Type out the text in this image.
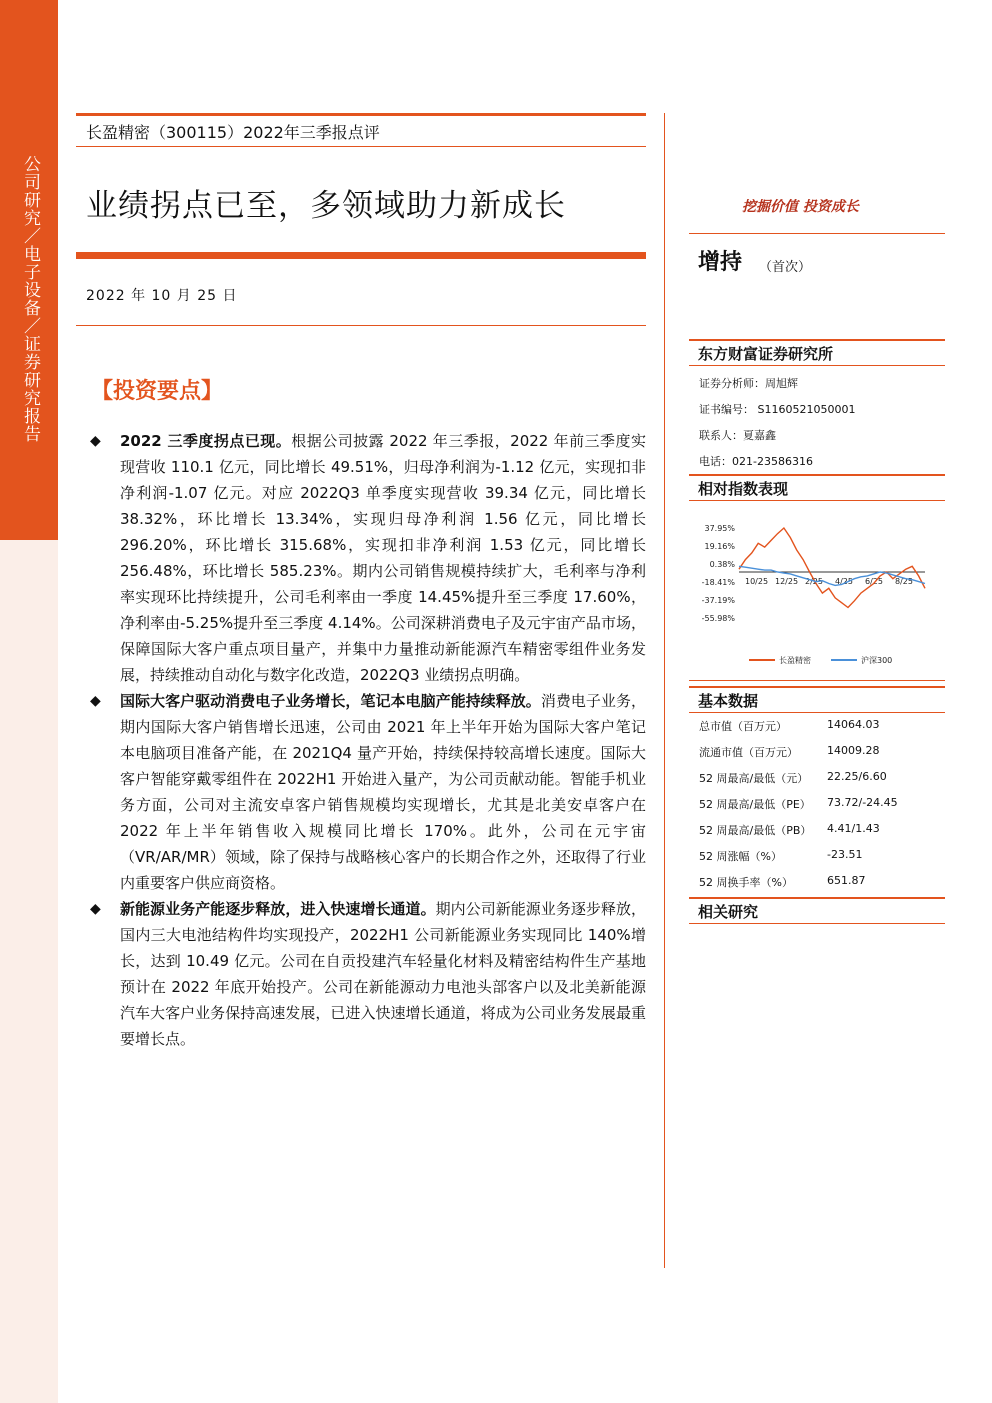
公司研究／电子设备／证券研究报告
长盈精密（300115）2022年三季报点评
业绩拐点已至，多领域助力新成长	挖掘价值 投资成长
2022 年 10 月 25 日
【投资要点】
◆ 2022 三季度拐点已现。根据公司披露 2022 年三季报，2022 年前三季度实现营收 110.1 亿元，同比增长 49.51%，归母净利润为-1.12 亿元，实现扣非净利润-1.07 亿元。对应 2022Q3 单季度实现营收 39.34 亿元，同比增长 38.32%，环比增长 13.34%，实现归母净利润 1.56 亿元，同比增长 296.20%，环比增长 315.68%，实现扣非净利润 1.53 亿元，同比增长 256.48%，环比增长 585.23%。期内公司销售规模持续扩大，毛利率与净利率实现环比持续提升，公司毛利率由一季度 14.45%提升至三季度 17.60%，净利率由-5.25%提升至三季度 4.14%。公司深耕消费电子及元宇宙产品市场，保障国际大客户重点项目量产，并集中力量推动新能源汽车精密零组件业务发展，持续推动自动化与数字化改造，2022Q3 业绩拐点明确。

◆ 国际大客户驱动消费电子业务增长，笔记本电脑产能持续释放。消费电子业务，期内国际大客户销售增长迅速，公司由 2021 年上半年开始为国际大客户笔记本电脑项目准备产能，在 2021Q4 量产开始，持续保持较高增长速度。国际大客户智能穿戴零组件在 2022H1 开始进入量产，为公司贡献动能。智能手机业务方面，公司对主流安卓客户销售规模均实现增长，尤其是北美安卓客户在 2022 年上半年销售收入规模同比增长 170%。此外，公司在元宇宙（VR/AR/MR）领域，除了保持与战略核心客户的长期合作之外，还取得了行业内重要客户供应商资格。

◆ 新能源业务产能逐步释放，进入快速增长通道。期内公司新能源业务逐步释放，国内三大电池结构件均实现投产，2022H1 公司新能源业务实现同比 140%增长，达到 10.49 亿元。公司在自贡投建汽车轻量化材料及精密结构件生产基地预计在 2022 年底开始投产。公司在新能源动力电池头部客户以及北美新能源汽车大客户业务保持高速发展，已进入快速增长通道，将成为公司业务发展最重要增长点。

增持 （首次）
东方财富证券研究所
证券分析师：周旭辉
证书编号： S1160521050001
联系人：夏嘉鑫
电话：021-23586316
相对指数表现
37.95%
19.16%
0.38%
-18.41%
-37.19%
-55.98%
10/25 12/25 2/25 4/25 6/25 8/25
长盈精密	沪深300
基本数据
总市值（百万元）	14064.03
流通市值（百万元）	14009.28
52 周最高/最低（元） 22.25/6.60
52 周最高/最低（PE） 73.72/-24.45
52 周最高/最低（PB） 4.41/1.43
52 周涨幅（%）	-23.51
52 周换手率（%）	651.87
相关研究
